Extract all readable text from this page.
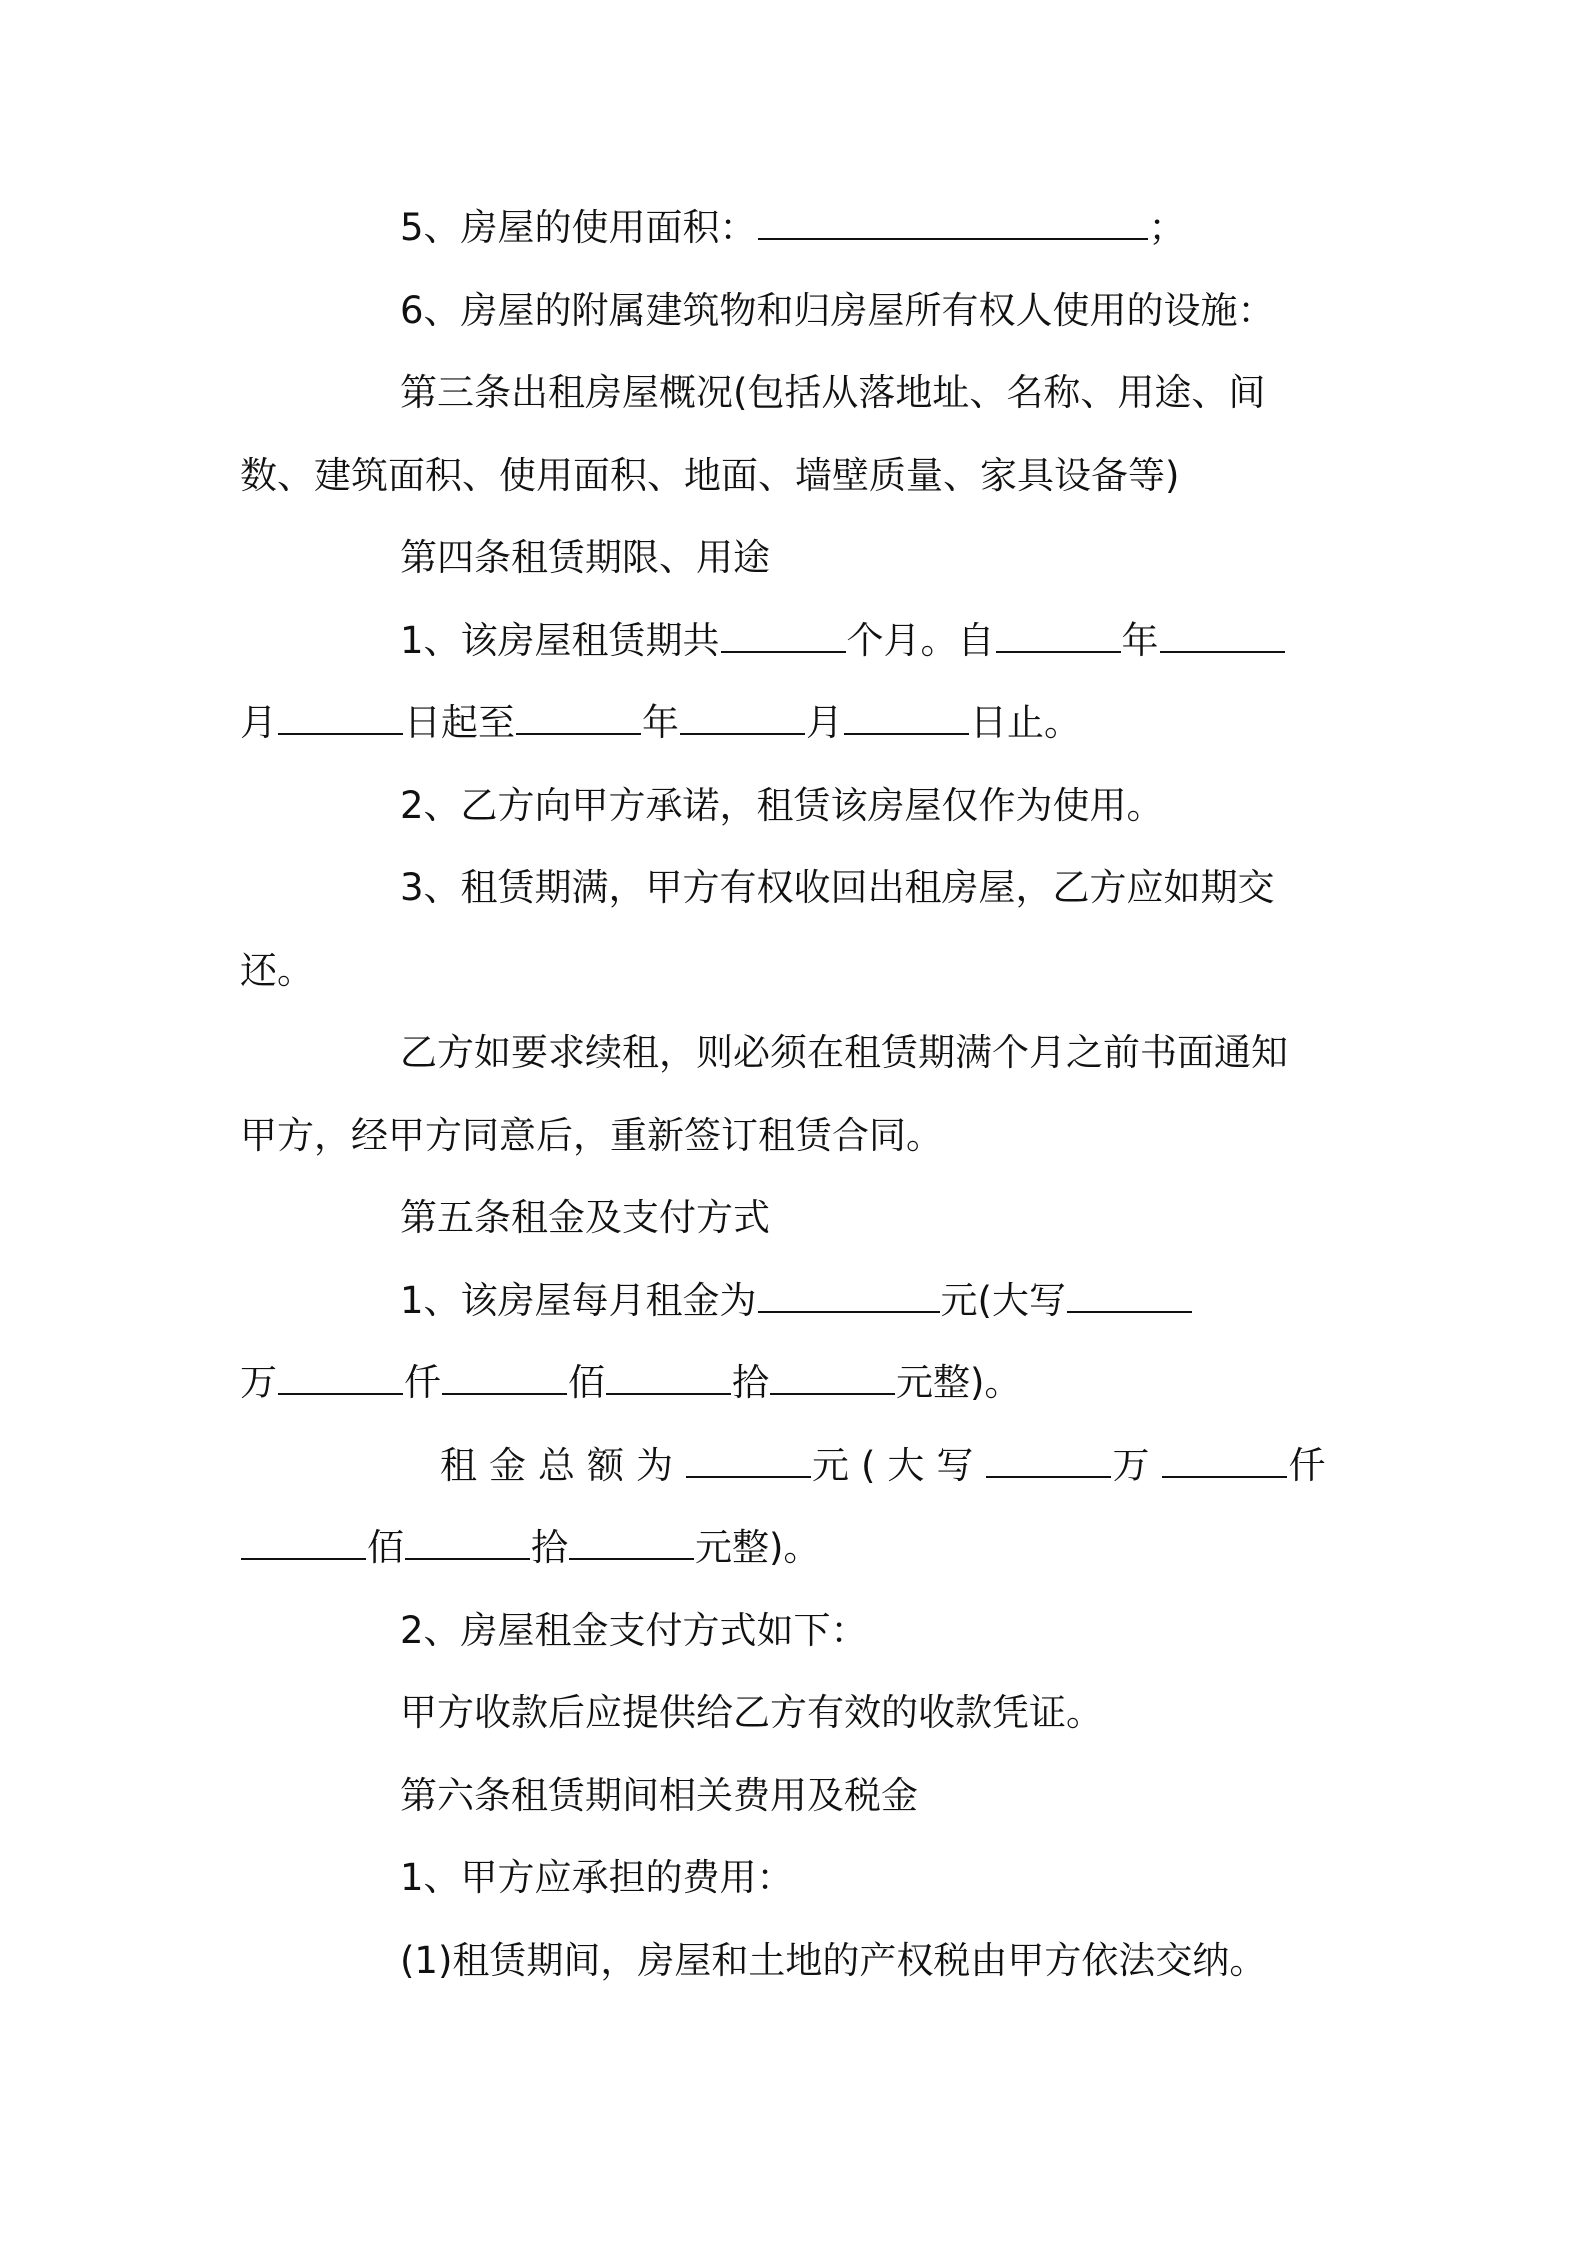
5、房屋的使用面积：	；
6、房屋的附属建筑物和归房屋所有权人使用的设施：
第三条出租房屋概况(包括从落地址、名称、用途、间
数、建筑面积、使用面积、地面、墙壁质量、家具设备等)
第四条租赁期限、用途
1、该房屋租赁期共	个月。自	年
月	日起至	年	月	日止。
2、乙方向甲方承诺，租赁该房屋仅作为使用。
3、租赁期满，甲方有权收回出租房屋，乙方应如期交
还。
乙方如要求续租，则必须在租赁期满个月之前书面通知
甲方，经甲方同意后，重新签订租赁合同。
第五条租金及支付方式
1、该房屋每月租金为	元(大写
万	仟	佰	拾	元整)。
租金总额为	元(大写	万	仟
佰	拾	元整)。
2、房屋租金支付方式如下：
甲方收款后应提供给乙方有效的收款凭证。
第六条租赁期间相关费用及税金
1、甲方应承担的费用：
(1)租赁期间，房屋和土地的产权税由甲方依法交纳。
